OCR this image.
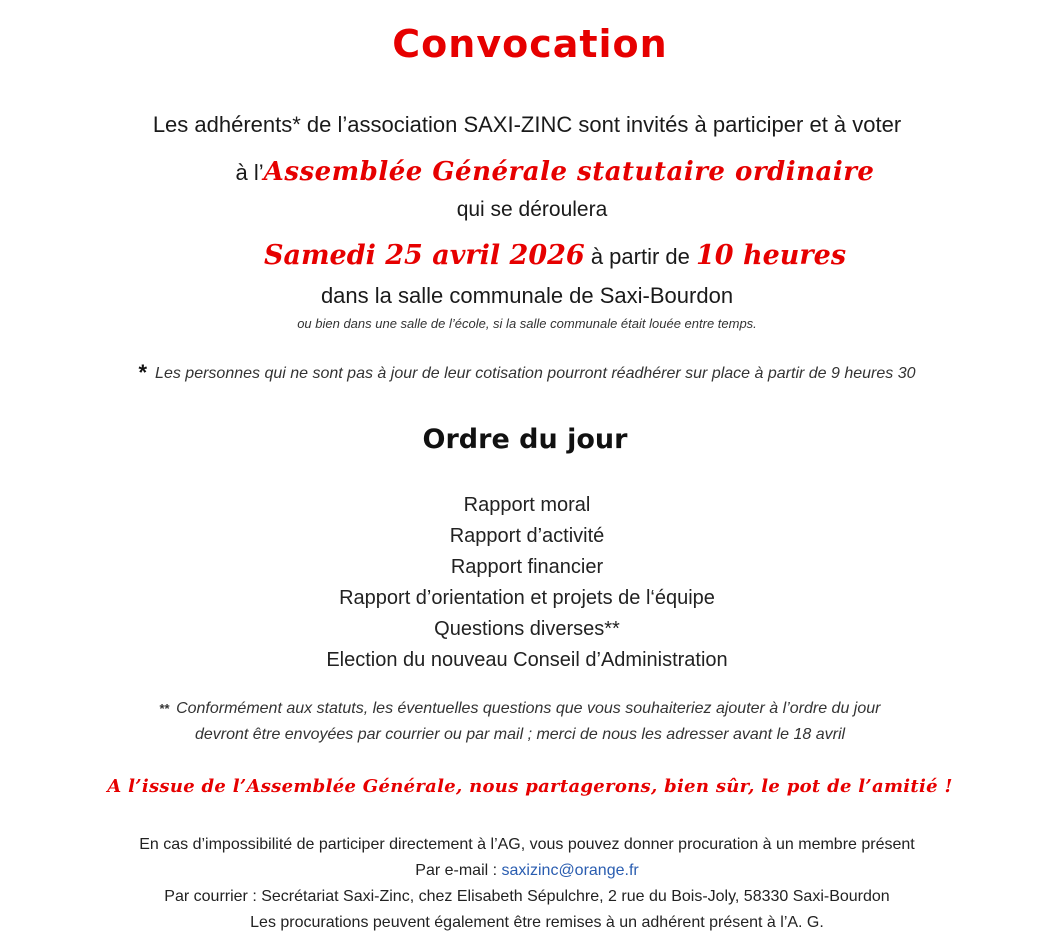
Convocation
Les adhérents* de l’association SAXI-ZINC sont invités à participer et à voter
à l’Assemblée Générale statutaire ordinaire
qui se déroulera
Samedi 25 avril 2026 à partir de 10 heures
dans la salle communale de Saxi-Bourdon
ou bien dans une salle de l’école, si la salle communale était louée entre temps.
* Les personnes qui ne sont pas à jour de leur cotisation pourront réadhérer sur place à partir de 9 heures 30
Ordre du jour
Rapport moral
Rapport d’activité
Rapport financier
Rapport d’orientation et projets de l‘équipe
Questions diverses**
Election du nouveau Conseil d’Administration
** Conformément aux statuts, les éventuelles questions que vous souhaiteriez ajouter à l’ordre du jour
devront être envoyées par courrier ou par mail ; merci de nous les adresser avant le 18 avril
A l’issue de l’Assemblée Générale, nous partagerons, bien sûr, le pot de l’amitié !
En cas d’impossibilité de participer directement à l’AG, vous pouvez donner procuration à un membre présent
Par e-mail : saxizinc@orange.fr
Par courrier : Secrétariat Saxi-Zinc, chez Elisabeth Sépulchre, 2 rue du Bois-Joly, 58330 Saxi-Bourdon
Les procurations peuvent également être remises à un adhérent présent à l’A. G.
